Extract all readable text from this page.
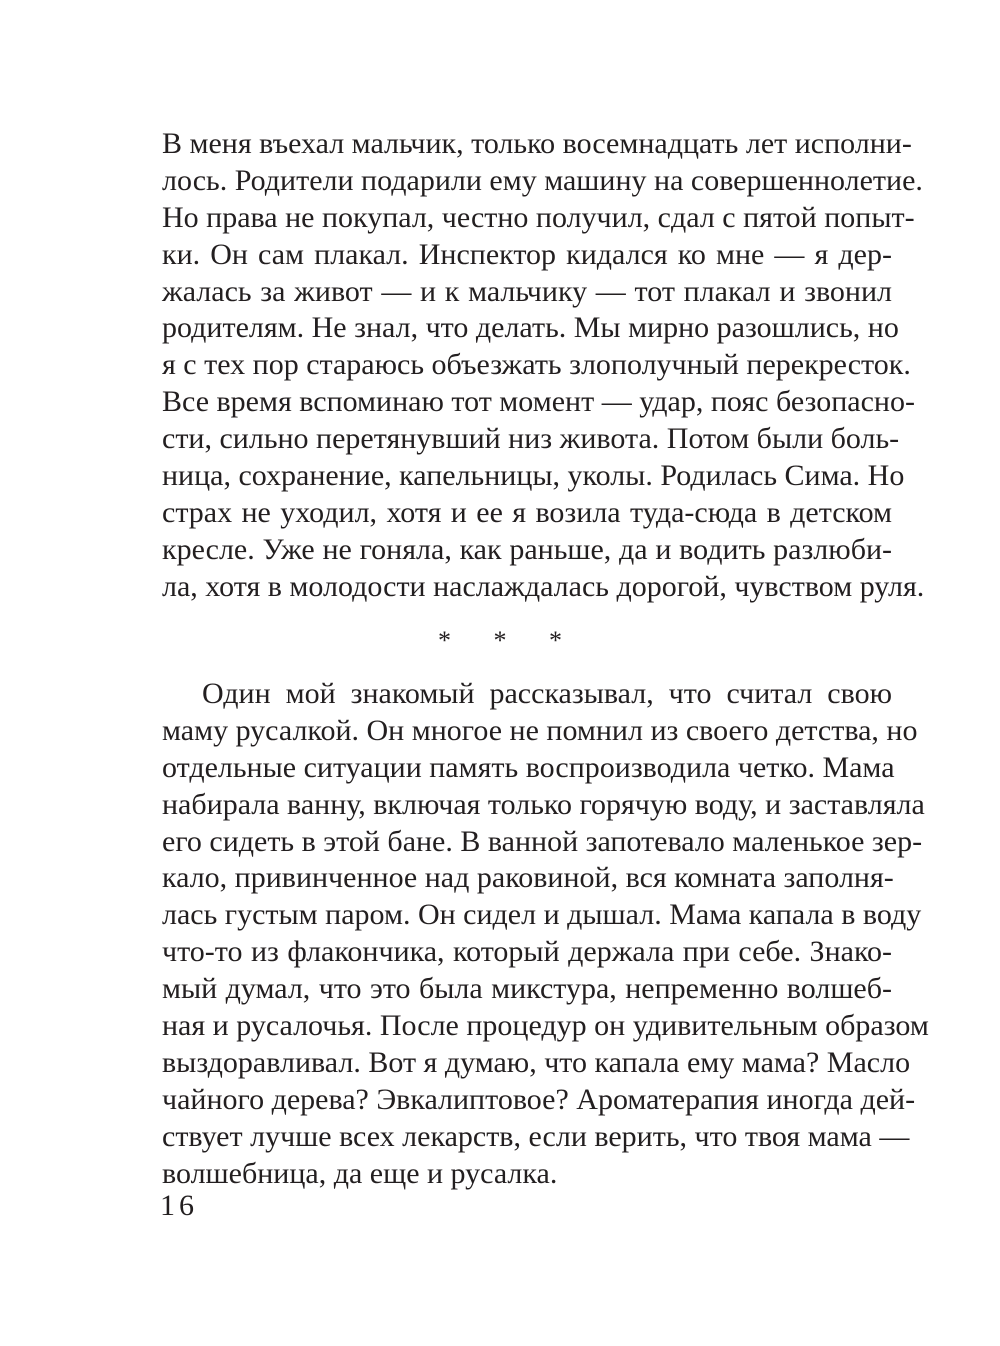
В меня въехал мальчик, только восемнадцать лет исполни-
лось. Родители подарили ему машину на совершеннолетие.
Но права не покупал, честно получил, сдал с пятой попыт-
ки. Он сам плакал. Инспектор кидался ко мне — я дер-
жалась за живот — и к мальчику — тот плакал и звонил
родителям. Не знал, что делать. Мы мирно разошлись, но
я с тех пор стараюсь объезжать злополучный перекресток.
Все время вспоминаю тот момент — удар, пояс безопасно-
сти, сильно перетянувший низ живота. Потом были боль-
ница, сохранение, капельницы, уколы. Родилась Сима. Но
страх не уходил, хотя и ее я возила туда-сюда в детском
кресле. Уже не гоняла, как раньше, да и водить разлюби-
ла, хотя в молодости наслаждалась дорогой, чувством руля.
* * *
Один мой знакомый рассказывал, что считал свою
маму русалкой. Он многое не помнил из своего детства, но
отдельные ситуации память воспроизводила четко. Мама
набирала ванну, включая только горячую воду, и заставляла
его сидеть в этой бане. В ванной запотевало маленькое зер-
кало, привинченное над раковиной, вся комната заполня-
лась густым паром. Он сидел и дышал. Мама капала в воду
что-то из флакончика, который держала при себе. Знако-
мый думал, что это была микстура, непременно волшеб-
ная и русалочья. После процедур он удивительным образом
выздоравливал. Вот я думаю, что капала ему мама? Масло
чайного дерева? Эвкалиптовое? Ароматерапия иногда дей-
ствует лучше всех лекарств, если верить, что твоя мама —
волшебница, да еще и русалка.
16
